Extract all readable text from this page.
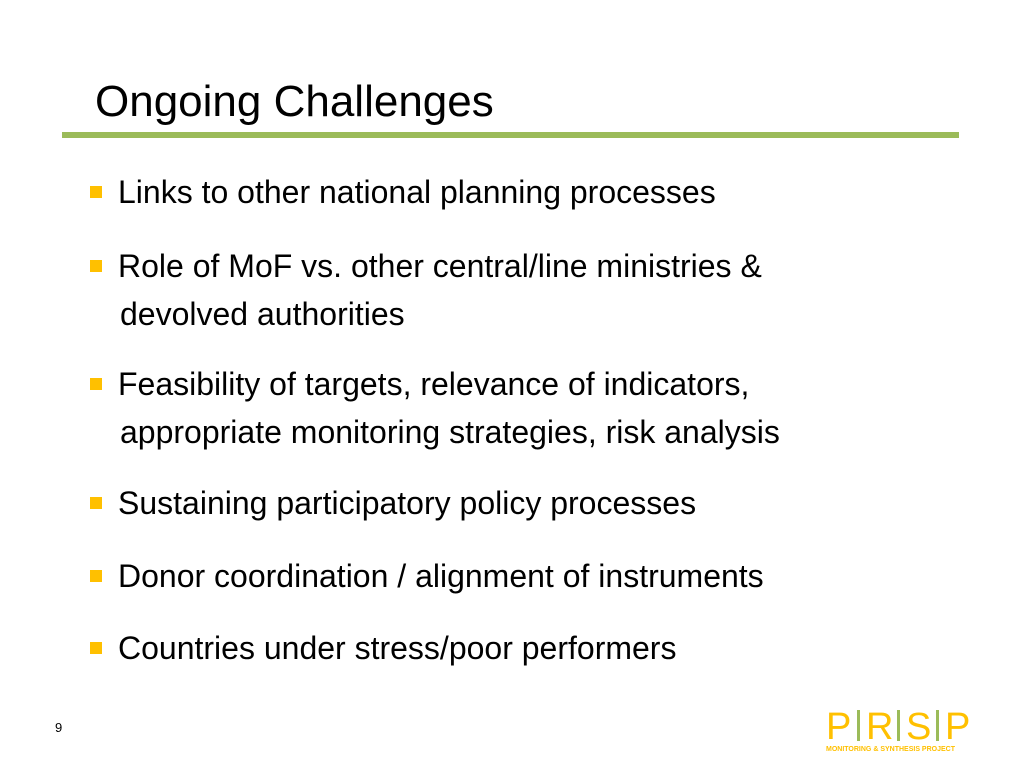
Ongoing Challenges
Links to other national planning processes
Role of MoF vs. other central/line ministries &
devolved authorities
Feasibility of targets, relevance of indicators,
appropriate monitoring strategies, risk analysis
Sustaining participatory policy processes
Donor coordination / alignment of instruments
Countries under stress/poor performers
9	P R S P
MONITORING & SYNTHESIS PROJECT
